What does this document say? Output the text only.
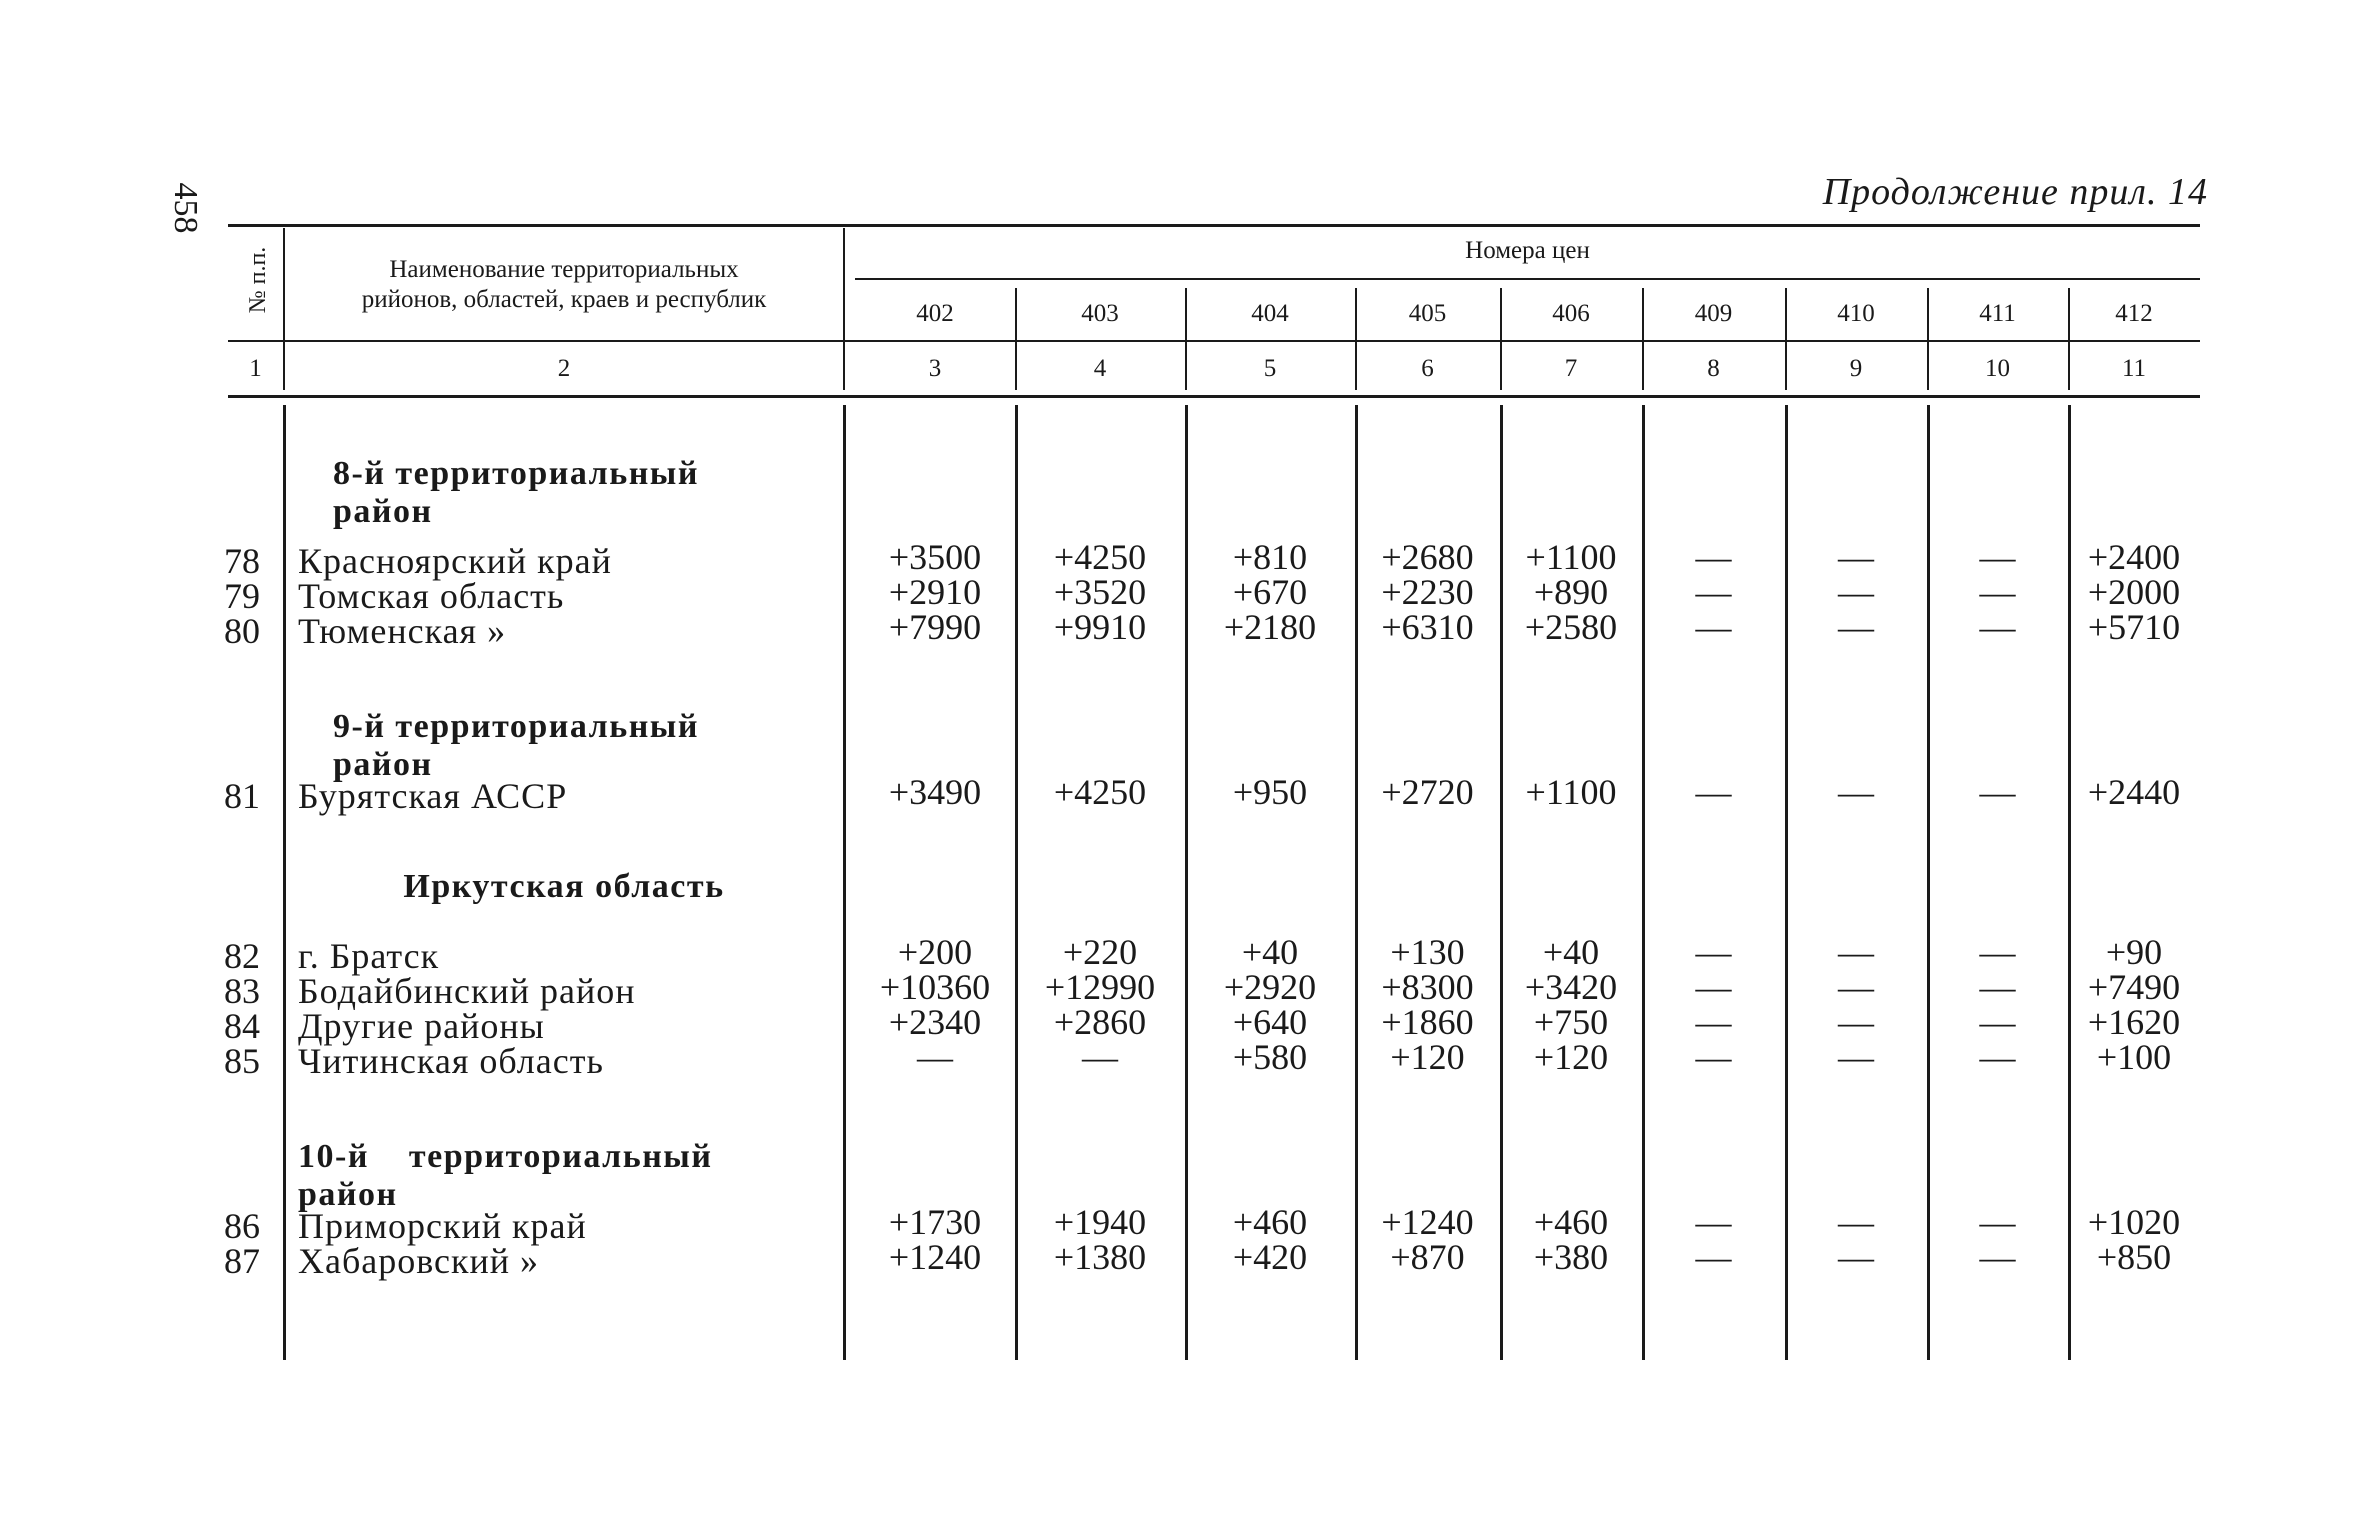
458	Продолжение прил. 14
№ п.п.	Наименование территориальных
рийонов, областей, краев и республик
Номера цен
402	403	404	405	406	409	410	411	412
1	2	3	4	5	6	7	8	9	10	11
8-й территориальный район
78 Красноярский край	+3500	+4250	+810	+2680	+1100	—	—	—	+2400
79 Томская область	+2910	+3520	+670	+2230	+890	—	—	—	+2000
80 Тюменская »	+7990	+9910	+2180	+6310	+2580	—	—	—	+5710
9-й территориальный район
81 Бурятская АССР	+3490	+4250	+950	+2720	+1100	—	—	—	+2440
Иркутская область
82 г. Братск	+200	+220	+40	+130	+40	—	—	—	+90
83 Бодайбинский район	+10360	+12990	+2920	+8300	+3420	—	—	—	+7490
84 Другие районы	+2340	+2860	+640	+1860	+750	—	—	—	+1620
85 Читинская область	—	—	+580	+120	+120	—	—	—	+100
10-й территориальный район
86 Приморский край	+1730	+1940	+460	+1240	+460	—	—	—	+1020
87 Хабаровский »	+1240	+1380	+420	+870	+380	—	—	—	+850
